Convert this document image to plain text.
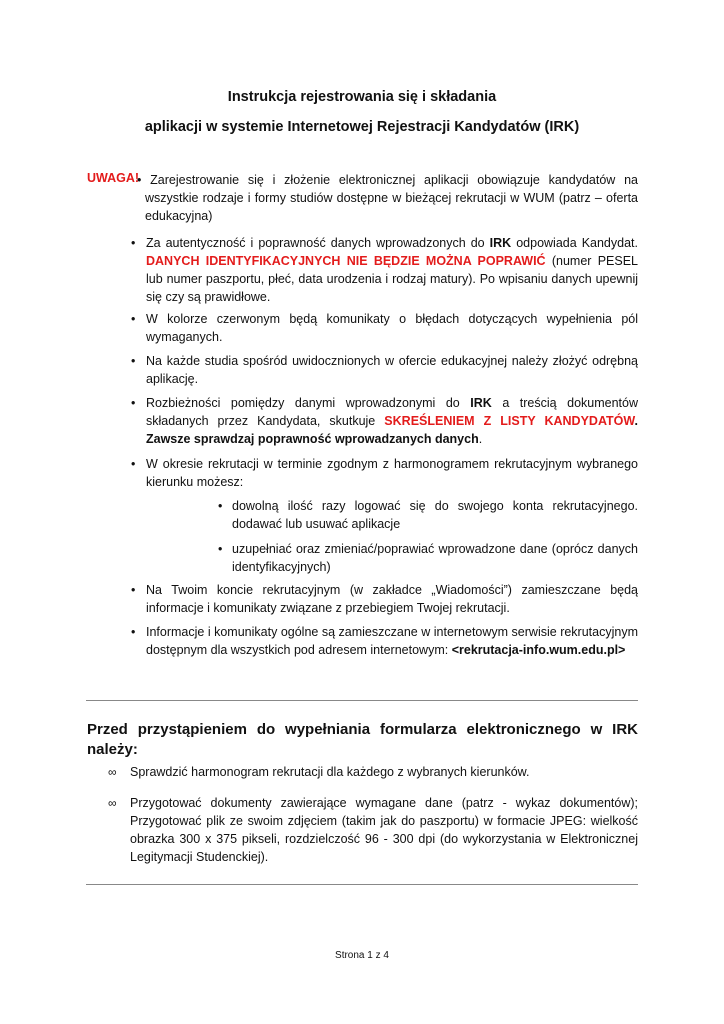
Instrukcja rejestrowania się i składania
aplikacji w systemie Internetowej Rejestracji Kandydatów (IRK)
UWAGA!
• Zarejestrowanie się i złożenie elektronicznej aplikacji obowiązuje kandydatów na wszystkie rodzaje i formy studiów dostępne w bieżącej rekrutacji w WUM (patrz – oferta edukacyjna)
• Za autentyczność i poprawność danych wprowadzonych do IRK odpowiada Kandydat. DANYCH IDENTYFIKACYJNYCH NIE BĘDZIE MOŻNA POPRAWIĆ (numer PESEL lub numer paszportu, płeć, data urodzenia i rodzaj matury). Po wpisaniu danych upewnij się czy są prawidłowe.
• W kolorze czerwonym będą komunikaty o błędach dotyczących wypełnienia pól wymaganych.
• Na każde studia spośród uwidocznionych w ofercie edukacyjnej należy złożyć odrębną aplikację.
• Rozbieżności pomiędzy danymi wprowadzonymi do IRK a treścią dokumentów składanych przez Kandydata, skutkuje SKREŚLENIEM Z LISTY KANDYDATÓW. Zawsze sprawdzaj poprawność wprowadzanych danych.
• W okresie rekrutacji w terminie zgodnym z harmonogramem rekrutacyjnym wybranego kierunku możesz:
• dowolną ilość razy logować się do swojego konta rekrutacyjnego. dodawać lub usuwać aplikacje
• uzupełniać oraz zmieniać/poprawiać wprowadzone dane (oprócz danych identyfikacyjnych)
• Na Twoim koncie rekrutacyjnym (w zakładce „Wiadomości”) zamieszczane będą informacje i komunikaty związane z przebiegiem Twojej rekrutacji.
• Informacje i komunikaty ogólne są zamieszczane w internetowym serwisie rekrutacyjnym dostępnym dla wszystkich pod adresem internetowym: <rekrutacja-info.wum.edu.pl>
Przed przystąpieniem do wypełniania formularza elektronicznego w IRK należy:
∞ Sprawdzić harmonogram rekrutacji dla każdego z wybranych kierunków.
∞ Przygotować dokumenty zawierające wymagane dane (patrz - wykaz dokumentów); Przygotować plik ze swoim zdjęciem (takim jak do paszportu) w formacie JPEG: wielkość obrazka 300 x 375 pikseli, rozdzielczość 96 - 300 dpi (do wykorzystania w Elektronicznej Legitymacji Studenckiej).
Strona 1 z 4
